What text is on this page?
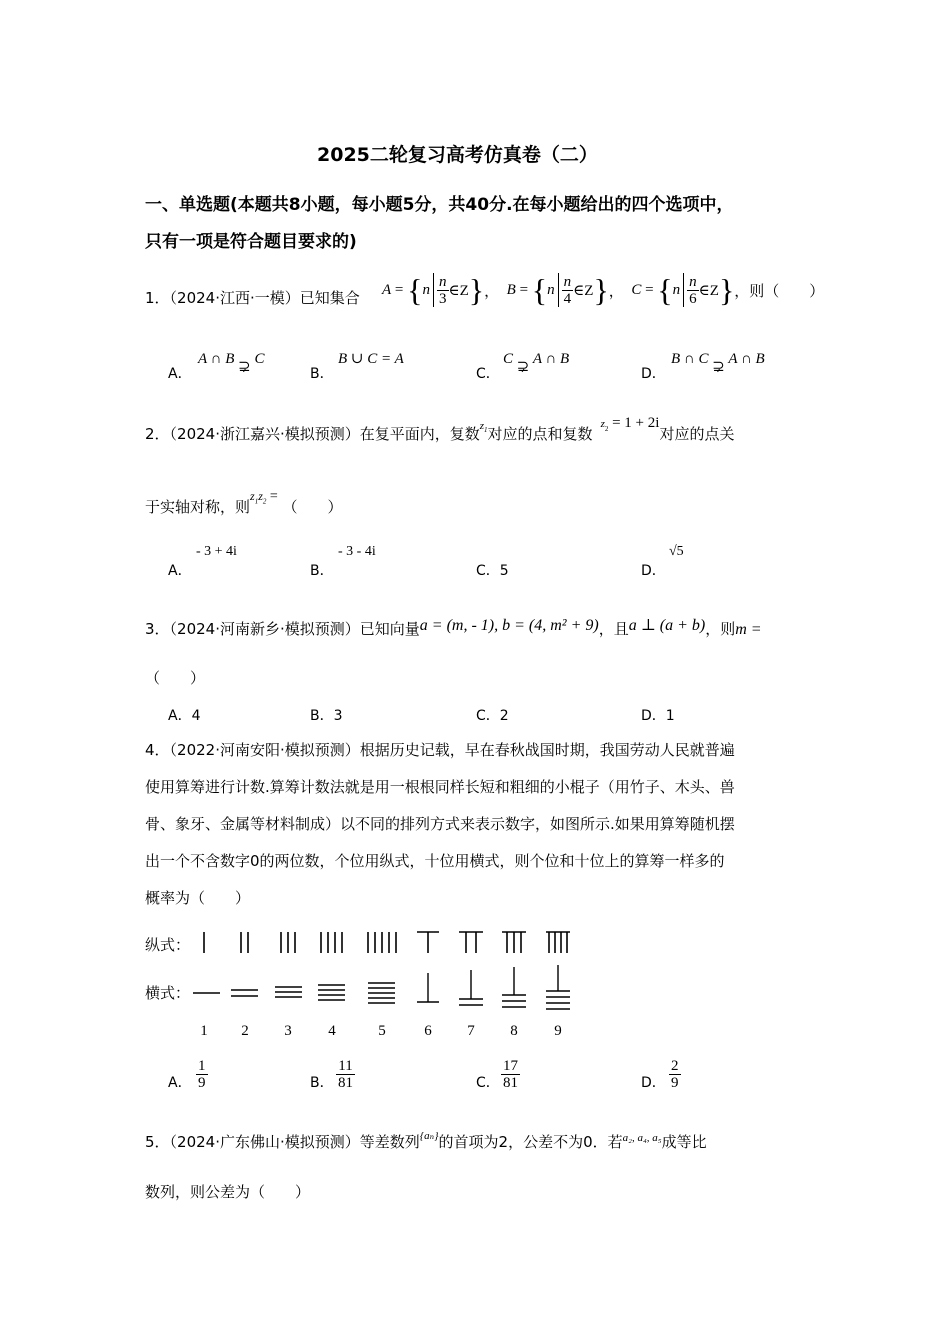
2025二轮复习高考仿真卷（二）
一、单选题(本题共8小题，每小题5分，共40分.在每小题给出的四个选项中，
只有一项是符合题目要求的)
1．（2024·江西·一模）已知集合 A = { n $\frac{n}{3}$ ∈Z } ，
B = { n $\frac{n}{4}$ ∈Z } ，
C = { n $\frac{n}{6}$ ∈Z } ，则（　　）
A．
A ∩ B ⊋ C
B．
B ∪ C = A
C．
C ⊋ A ∩ B
D．
B ∩ C ⊋ A ∩ B
2．（2024·浙江嘉兴·模拟预测）在复平面内，复数$^{z_1}$对应的点和复数$z_2 = 1 + 2i$对应的点关
于实轴对称，则$^{z_1z_2 =}$ （　　）
A．
- 3 + 4i
B．
- 3 - 4i
C．5	D．
√5
3．（2024·河南新乡·模拟预测）已知向量a = (m, - 1), b = (4, m² + 9)，且a ⊥ (a + b)，则m =
（　　）
A．4	B．3	C．2	D．1
4．（2022·河南安阳·模拟预测）根据历史记载，早在春秋战国时期，我国劳动人民就普遍
使用算筹进行计数.算筹计数法就是用一根根同样长短和粗细的小棍子（用竹子、木头、兽
骨、象牙、金属等材料制成）以不同的排列方式来表示数字，如图所示.如果用算筹随机摆
出一个不含数字0的两位数，个位用纵式，十位用横式，则个位和十位上的算筹一样多的
概率为（　　）
纵式：
横式：
1 2 3 4	5	6 7 8 9
A． $\frac{1}{9}$	B． $\frac{11}{81}$	C． $\frac{17}{81}$	D． $\frac{2}{9}$
5．（2024·广东佛山·模拟预测）等差数列$^{\{a_n\}}$的首项为2，公差不为0．若$^{a_2, a_4, a_5}$成等比
数列，则公差为（　　）
